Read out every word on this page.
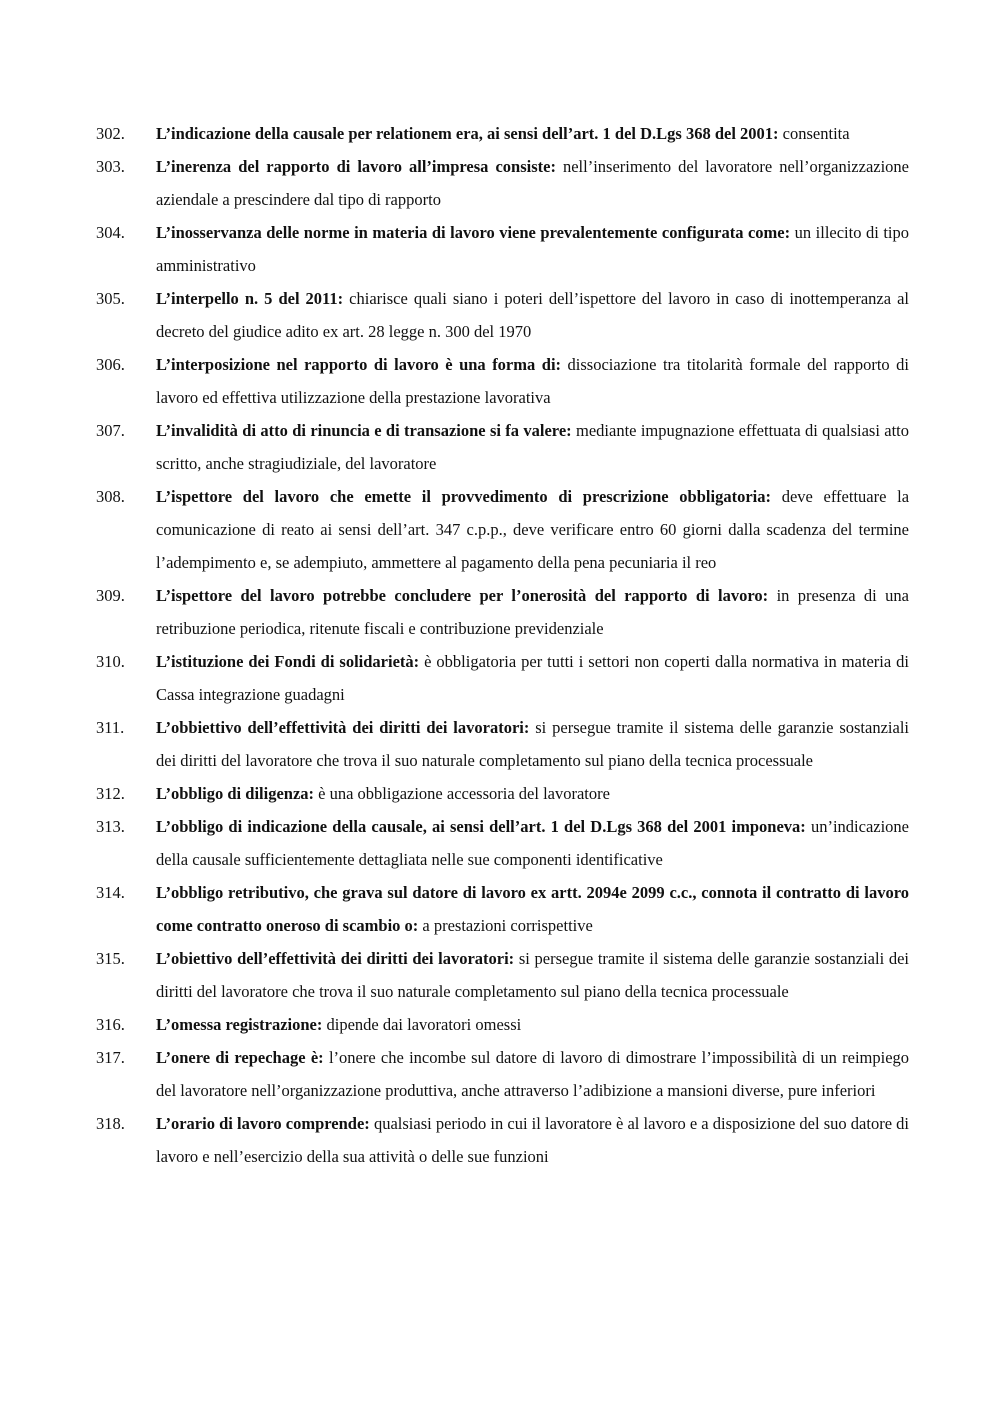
302.	L’indicazione della causale per relationem era, ai sensi dell’art. 1 del D.Lgs 368 del 2001: consentita
303.	L’inerenza del rapporto di lavoro all’impresa consiste: nell’inserimento del lavoratore nell’organizzazione aziendale a prescindere dal tipo di rapporto
304.	L’inosservanza delle norme in materia di lavoro viene prevalentemente configurata come: un illecito di tipo amministrativo
305.	L’interpello n. 5 del 2011: chiarisce quali siano i poteri dell’ispettore del lavoro in caso di inottemperanza al decreto del giudice adito ex art. 28 legge n. 300 del 1970
306.	L’interposizione nel rapporto di lavoro è una forma di: dissociazione tra titolarità formale del rapporto di lavoro ed effettiva utilizzazione della prestazione lavorativa
307.	L’invalidità di atto di rinuncia e di transazione si fa valere: mediante impugnazione effettuata di qualsiasi atto scritto, anche stragiudiziale, del lavoratore
308.	L’ispettore del lavoro che emette il provvedimento di prescrizione obbligatoria: deve effettuare la comunicazione di reato ai sensi dell’art. 347 c.p.p., deve verificare entro 60 giorni dalla scadenza del termine l’adempimento e, se adempiuto, ammettere al pagamento della pena pecuniaria il reo
309.	L’ispettore del lavoro potrebbe concludere per l’onerosità del rapporto di lavoro: in presenza di una retribuzione periodica, ritenute fiscali e contribuzione previdenziale
310.	L’istituzione dei Fondi di solidarietà: è obbligatoria per tutti i settori non coperti dalla normativa in materia di Cassa integrazione guadagni
311.	L’obbiettivo dell’effettività dei diritti dei lavoratori: si persegue tramite il sistema delle garanzie sostanziali dei diritti del lavoratore che trova il suo naturale completamento sul piano della tecnica processuale
312.	L’obbligo di diligenza: è una obbligazione accessoria del lavoratore
313.	L’obbligo di indicazione della causale, ai sensi dell’art. 1 del D.Lgs 368 del 2001 imponeva: un’indicazione della causale sufficientemente dettagliata nelle sue componenti identificative
314.	L’obbligo retributivo, che grava sul datore di lavoro ex artt. 2094e 2099 c.c., connota il contratto di lavoro come contratto oneroso di scambio o: a prestazioni corrispettive
315.	L’obiettivo dell’effettività dei diritti dei lavoratori: si persegue tramite il sistema delle garanzie sostanziali dei diritti del lavoratore che trova il suo naturale completamento sul piano della tecnica processuale
316.	L’omessa registrazione: dipende dai lavoratori omessi
317.	L’onere di repechage è: l’onere che incombe sul datore di lavoro di dimostrare l’impossibilità di un reimpiego del lavoratore nell’organizzazione produttiva, anche attraverso l’adibizione a mansioni diverse, pure inferiori
318.	L’orario di lavoro comprende: qualsiasi periodo in cui il lavoratore è al lavoro e a disposizione del suo datore di lavoro e nell’esercizio della sua attività o delle sue funzioni
